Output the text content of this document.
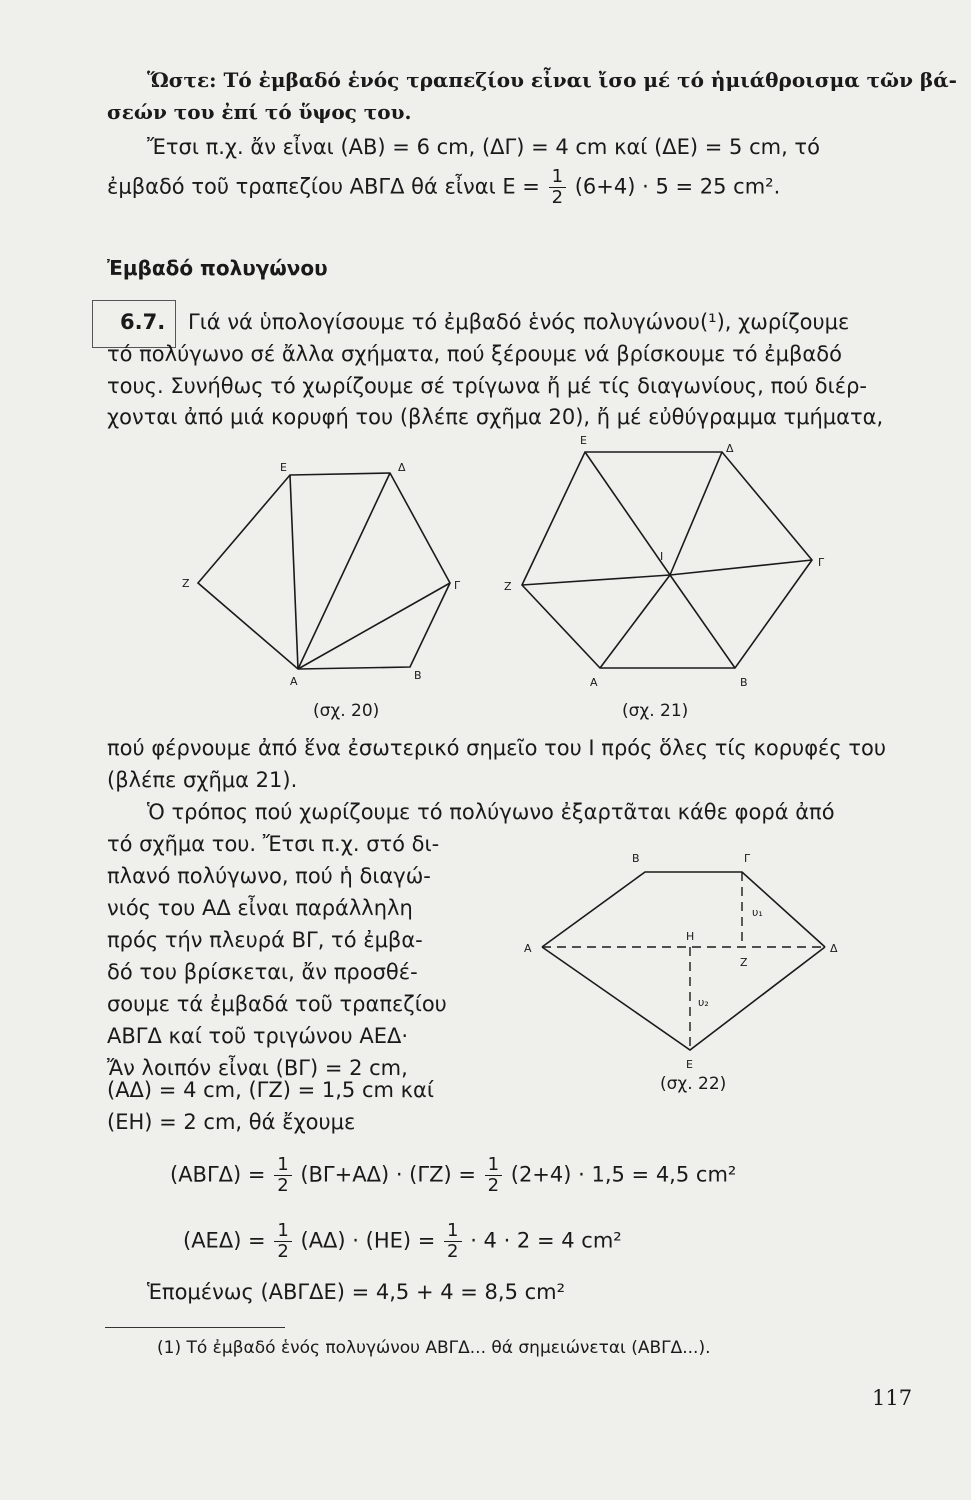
Ὥστε: Τό ἐμβαδό ἑνός τραπεζίου εἶναι ἴσο μέ τό ἡμιάθροισμα τῶν βά-

σεών του ἐπί τό ὕψος του.

Ἔτσι π.χ. ἄν εἶναι (ΑΒ) = 6 cm, (ΔΓ) = 4 cm καί (ΔΕ) = 5 cm, τό

ἐμβαδό τοῦ τραπεζίου ΑΒΓΔ θά εἶναι $E = \frac{1}{2} (6+4) \cdot 5 = 25$ cm².

Ἐμβαδό πολυγώνου

6.7. Γιά νά ὑπολογίσουμε τό ἐμβαδό ἑνός πολυγώνου(¹), χωρίζουμε

τό πολύγωνο σέ ἄλλα σχήματα, πού ξέρουμε νά βρίσκουμε τό ἐμβαδό

τους. Συνήθως τό χωρίζουμε σέ τρίγωνα ἤ μέ τίς διαγωνίους, πού διέρ-

χονται ἀπό μιά κορυφή του (βλέπε σχῆμα 20), ἤ μέ εὐθύγραμμα τμήματα,

Ε	Δ
Ζ	Γ
Α	Β

(σχ. 20)

Ε
Δ
Ζ
Γ
Α	Β
Ι

(σχ. 21)

πού φέρνουμε ἀπό ἕνα ἐσωτερικό σημεῖο του Ι πρός ὅλες τίς κορυφές του

(βλέπε σχῆμα 21).

Ὁ τρόπος πού χωρίζουμε τό πολύγωνο ἐξαρτᾶται κάθε φορά ἀπό

τό σχῆμα του. Ἔτσι π.χ. στό δι-

πλανό πολύγωνο, πού ἡ διαγώ-

νιός του ΑΔ εἶναι παράλληλη

πρός τήν πλευρά ΒΓ, τό ἐμβα-

δό του βρίσκεται, ἄν προσθέ-

σουμε τά ἐμβαδά τοῦ τραπεζίου

ΑΒΓΔ καί τοῦ τριγώνου ΑΕΔ·

Ἄν λοιπόν εἶναι (ΒΓ) = 2 cm,

(ΑΔ) = 4 cm, (ΓΖ) = 1,5 cm καί

(ΕΗ) = 2 cm, θά ἔχουμε

Β	Γ
Α	Δ
Η
Ζ
Ε
υ₁
υ₂

(σχ. 22)

$(AB\Gamma\Delta) = \frac{1}{2} (B\Gamma+A\Delta) \cdot (\Gamma Z) = \frac{1}{2} (2+4) \cdot 1,5 = 4,5$ cm²
$(AE\Delta) = \frac{1}{2} (A\Delta) \cdot (HE) = \frac{1}{2} \cdot 4 \cdot 2 = 4$ cm²

Ἑπομένως (ΑΒΓΔΕ) = 4,5 + 4 = 8,5 cm²

(1) Τό ἐμβαδό ἑνός πολυγώνου ΑΒΓΔ... θά σημειώνεται (ΑΒΓΔ...).

117
